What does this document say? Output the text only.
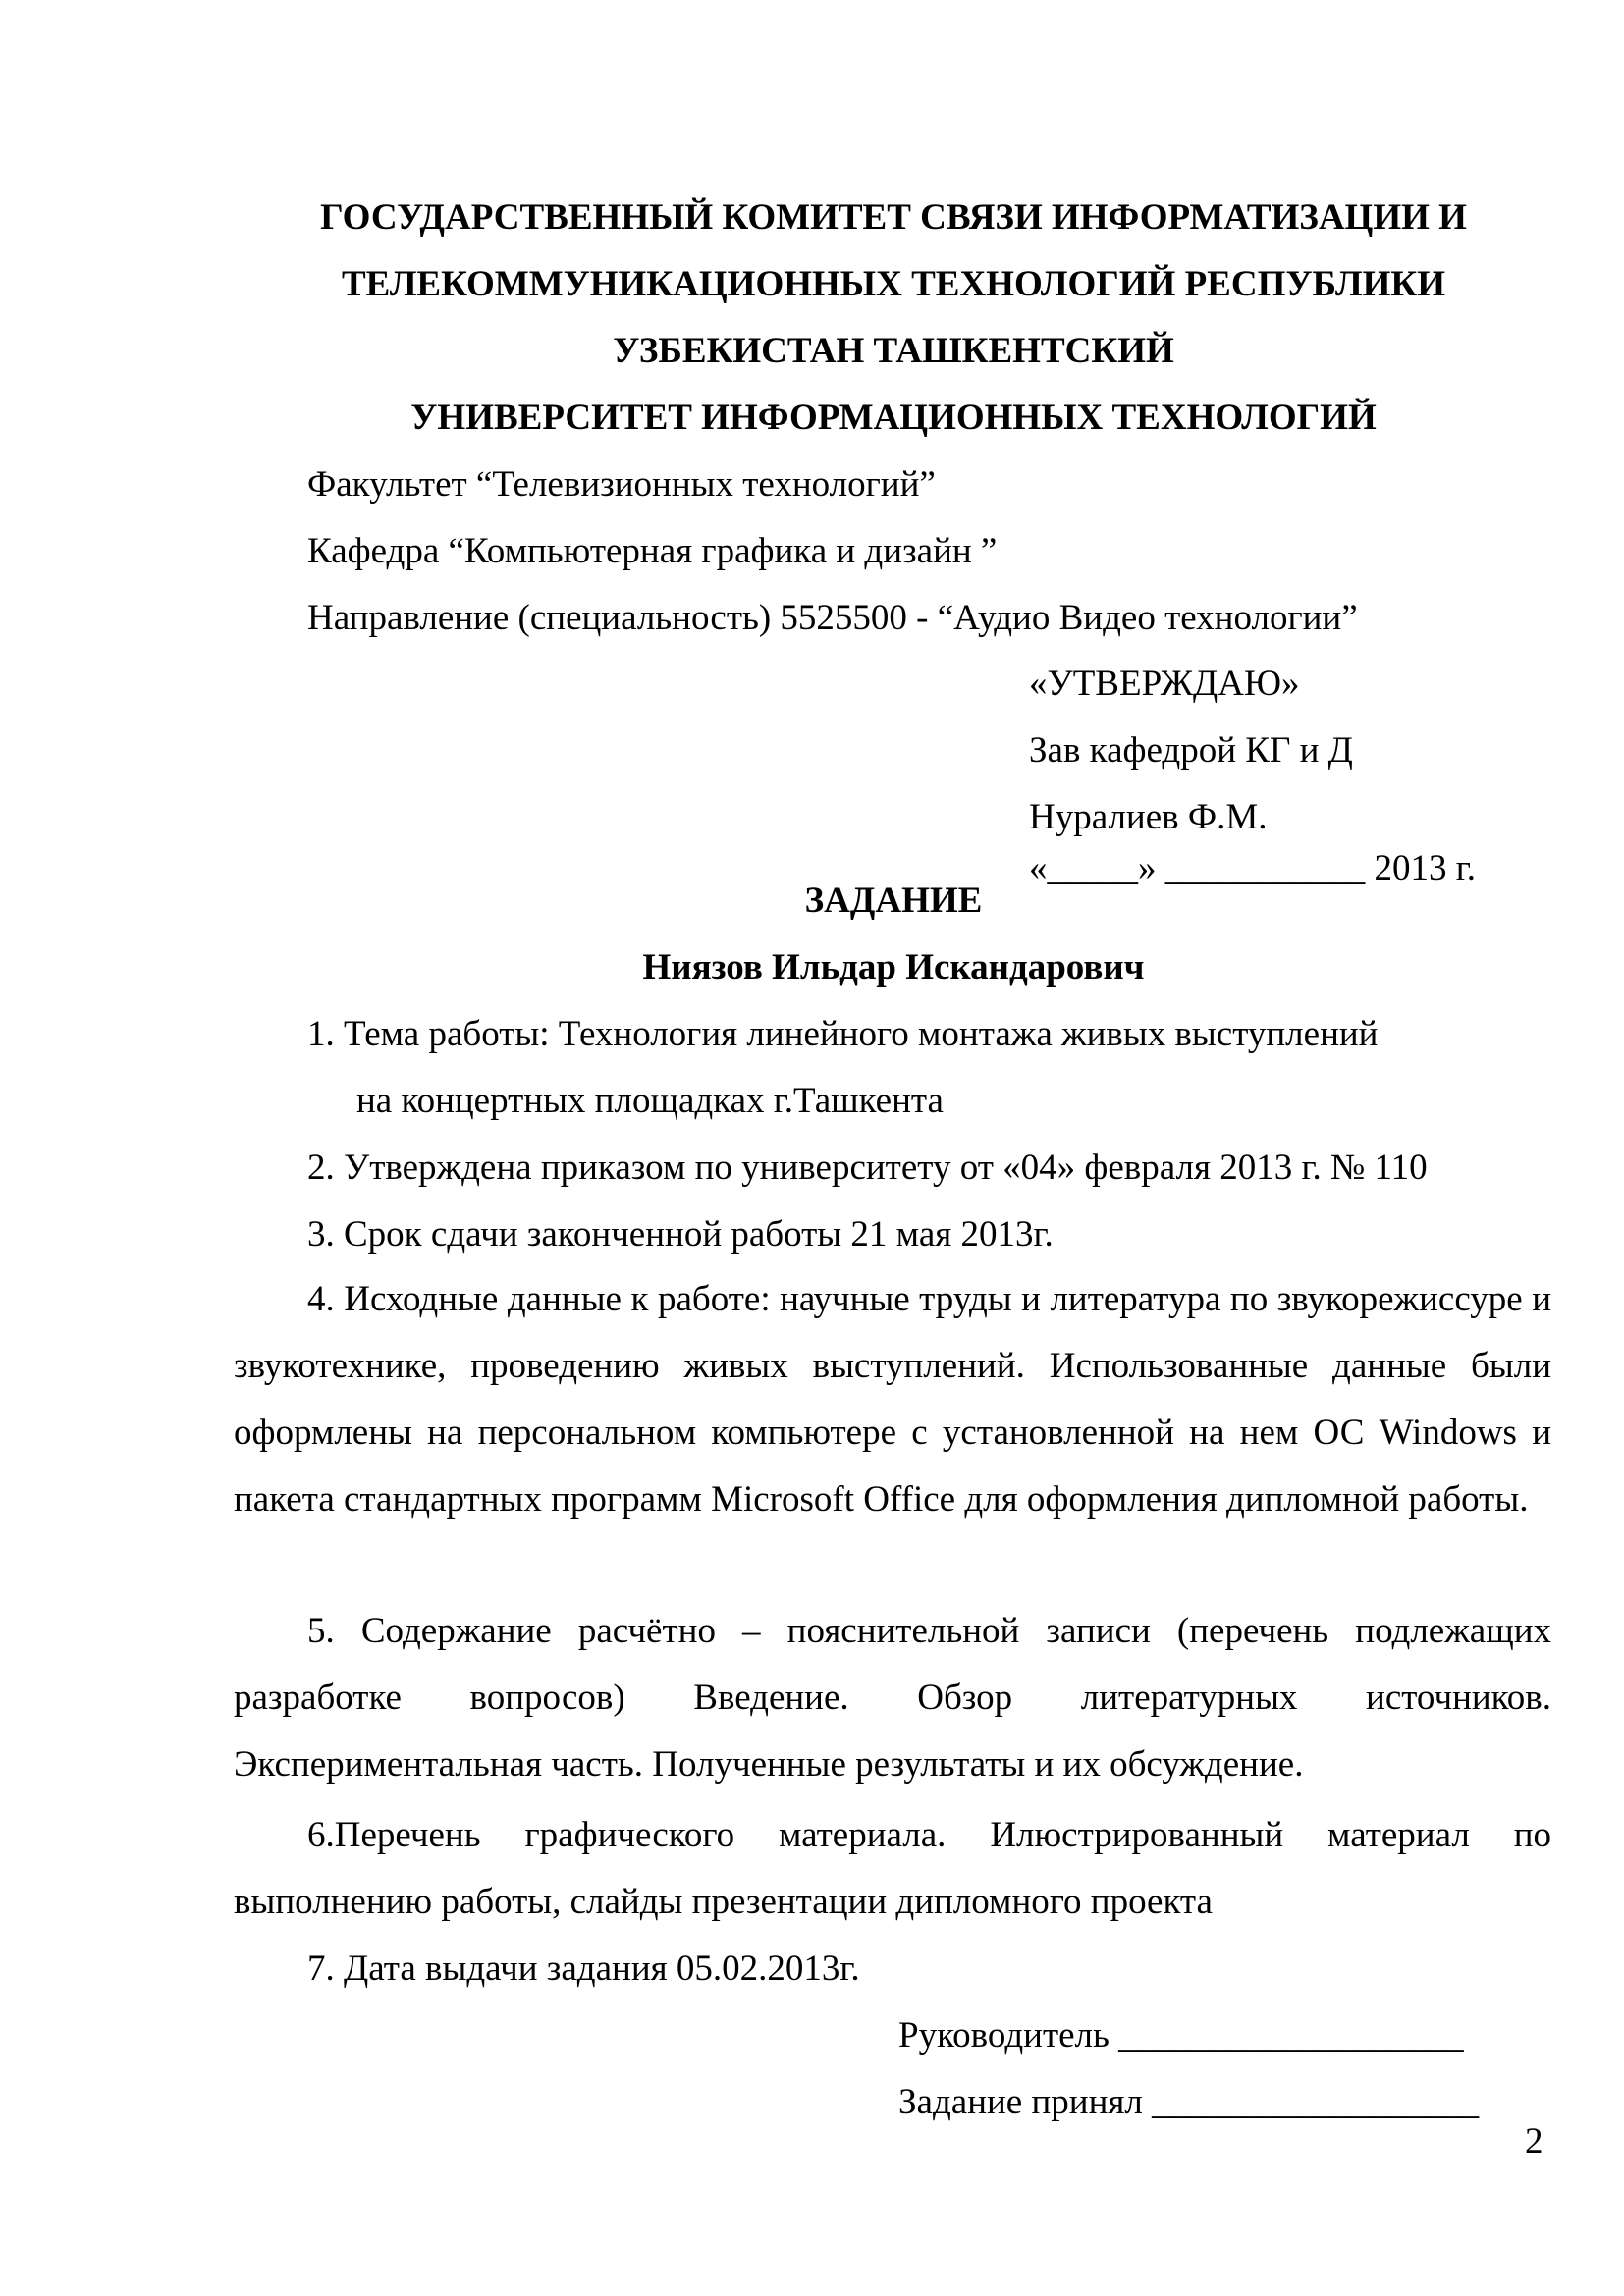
ГОСУДАРСТВЕННЫЙ КОМИТЕТ СВЯЗИ ИНФОРМАТИЗАЦИИ И
ТЕЛЕКОММУНИКАЦИОННЫХ ТЕХНОЛОГИЙ РЕСПУБЛИКИ
УЗБЕКИСТАН ТАШКЕНТСКИЙ
УНИВЕРСИТЕТ ИНФОРМАЦИОННЫХ ТЕХНОЛОГИЙ
Факультет “Телевизионных технологий”
Кафедра “Компьютерная графика и дизайн ”
Направление (специальность) 5525500 - “Аудио Видео технологии”
«УТВЕРЖДАЮ»
Зав кафедрой КГ и Д
Нуралиев Ф.М.
«_____» ___________ 2013 г.
ЗАДАНИЕ
Ниязов Ильдар Искандарович
1. Тема работы: Технология линейного монтажа живых выступлений
на концертных площадках г.Ташкента
2. Утверждена приказом по университету от «04» февраля 2013 г. № 110
3. Срок сдачи законченной работы 21 мая 2013г.
4. Исходные данные к работе: научные труды и литература по звукорежиссуре и звукотехнике, проведению живых выступлений. Использованные данные были оформлены на персональном компьютере с установленной на нем ОС Windows и пакета стандартных программ Microsoft Office для оформления дипломной работы.
5. Содержание расчётно – пояснительной записи (перечень подлежащих разработке вопросов) Введение. Обзор литературных источников. Экспериментальная часть. Полученные результаты и их обсуждение.
6.Перечень графического материала. Илюстрированный материал по выполнению работы, слайды презентации дипломного проекта
7. Дата выдачи задания 05.02.2013г.
Руководитель ___________________
Задание принял __________________
2
